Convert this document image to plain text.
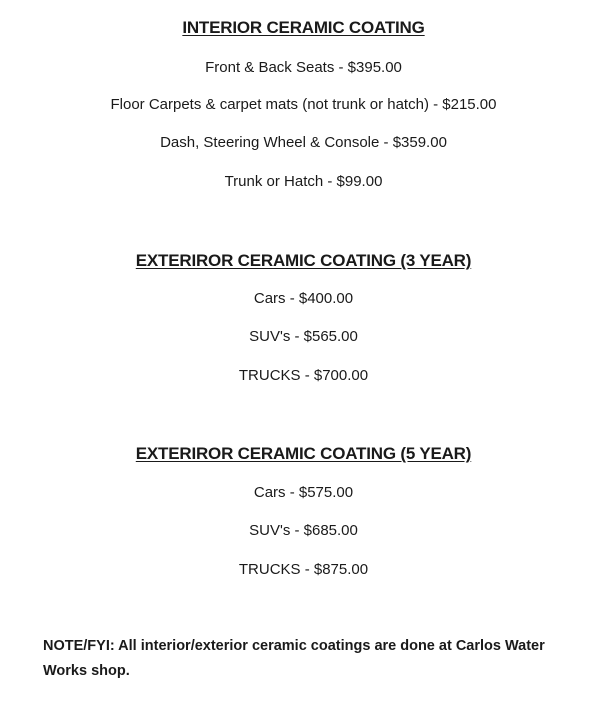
INTERIOR CERAMIC COATING
Front & Back Seats - $395.00
Floor Carpets & carpet mats (not trunk or hatch) - $215.00
Dash, Steering Wheel & Console - $359.00
Trunk or Hatch - $99.00
EXTERIROR CERAMIC COATING (3 YEAR)
Cars - $400.00
SUV's - $565.00
TRUCKS - $700.00
EXTERIROR CERAMIC COATING (5 YEAR)
Cars - $575.00
SUV's - $685.00
TRUCKS - $875.00
NOTE/FYI: All interior/exterior ceramic coatings are done at Carlos Water Works shop.
